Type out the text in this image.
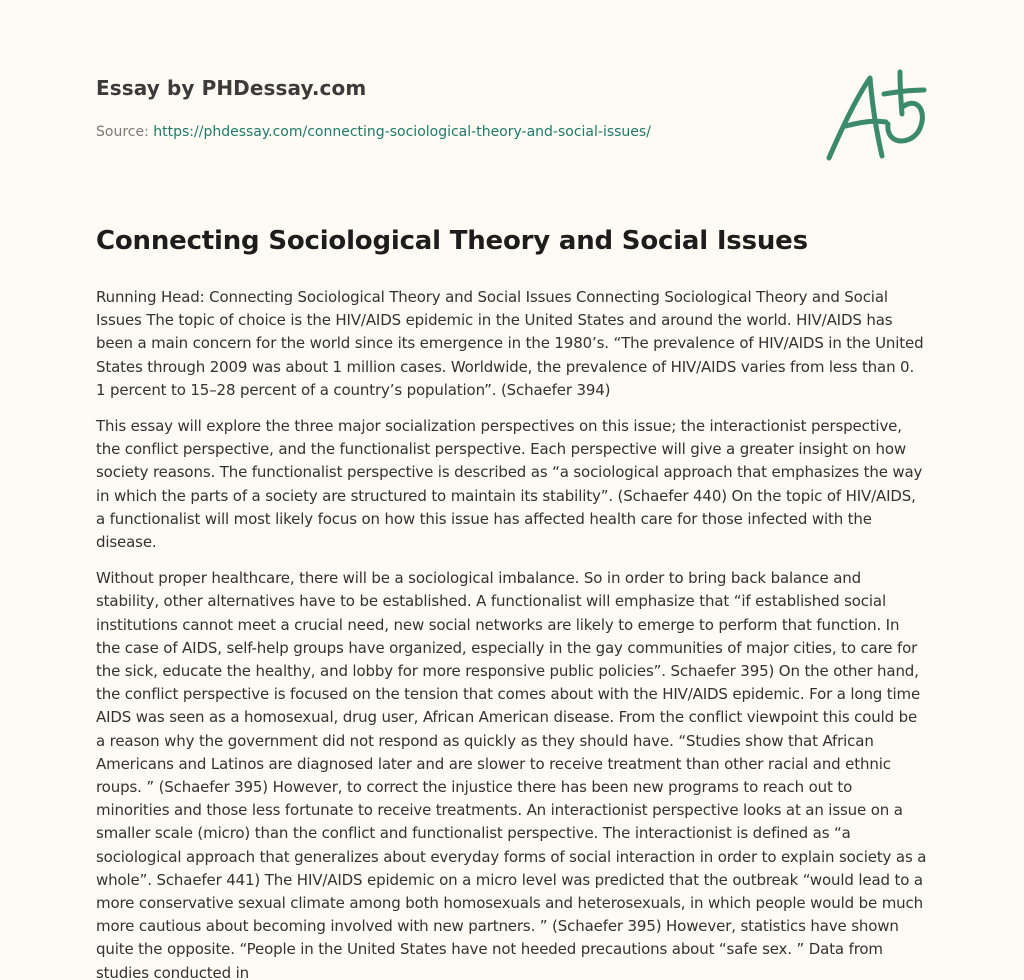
Essay by PHDessay.com
Source: https://phdessay.com/connecting-sociological-theory-and-social-issues/
Connecting Sociological Theory and Social Issues

Running Head: Connecting Sociological Theory and Social Issues Connecting Sociological Theory and Social Issues The topic of choice is the HIV/AIDS epidemic in the United States and around the world. HIV/AIDS has been a main concern for the world since its emergence in the 1980’s. “The prevalence of HIV/AIDS in the United States through 2009 was about 1 million cases. Worldwide, the prevalence of HIV/AIDS varies from less than 0. 1 percent to 15–28 percent of a country’s population”. (Schaefer 394)

This essay will explore the three major socialization perspectives on this issue; the interactionist perspective, the conflict perspective, and the functionalist perspective. Each perspective will give a greater insight on how society reasons. The functionalist perspective is described as “a sociological approach that emphasizes the way in which the parts of a society are structured to maintain its stability”. (Schaefer 440) On the topic of HIV/AIDS, a functionalist will most likely focus on how this issue has affected health care for those infected with the disease.

Without proper healthcare, there will be a sociological imbalance. So in order to bring back balance and stability, other alternatives have to be established. A functionalist will emphasize that “if established social institutions cannot meet a crucial need, new social networks are likely to emerge to perform that function. In the case of AIDS, self-help groups have organized, especially in the gay communities of major cities, to care for the sick, educate the healthy, and lobby for more responsive public policies”. Schaefer 395) On the other hand, the conflict perspective is focused on the tension that comes about with the HIV/AIDS epidemic. For a long time AIDS was seen as a homosexual, drug user, African American disease. From the conflict viewpoint this could be a reason why the government did not respond as quickly as they should have. “Studies show that African Americans and Latinos are diagnosed later and are slower to receive treatment than other racial and ethnic roups. ” (Schaefer 395) However, to correct the injustice there has been new programs to reach out to minorities and those less fortunate to receive treatments. An interactionist perspective looks at an issue on a smaller scale (micro) than the conflict and functionalist perspective. The interactionist is defined as “a sociological approach that generalizes about everyday forms of social interaction in order to explain society as a whole”. Schaefer 441) The HIV/AIDS epidemic on a micro level was predicted that the outbreak “would lead to a more conservative sexual climate among both homosexuals and heterosexuals, in which people would be much more cautious about becoming involved with new partners. ” (Schaefer 395) However, statistics have shown quite the opposite. “People in the United States have not heeded precautions about “safe sex. ” Data from studies conducted in
